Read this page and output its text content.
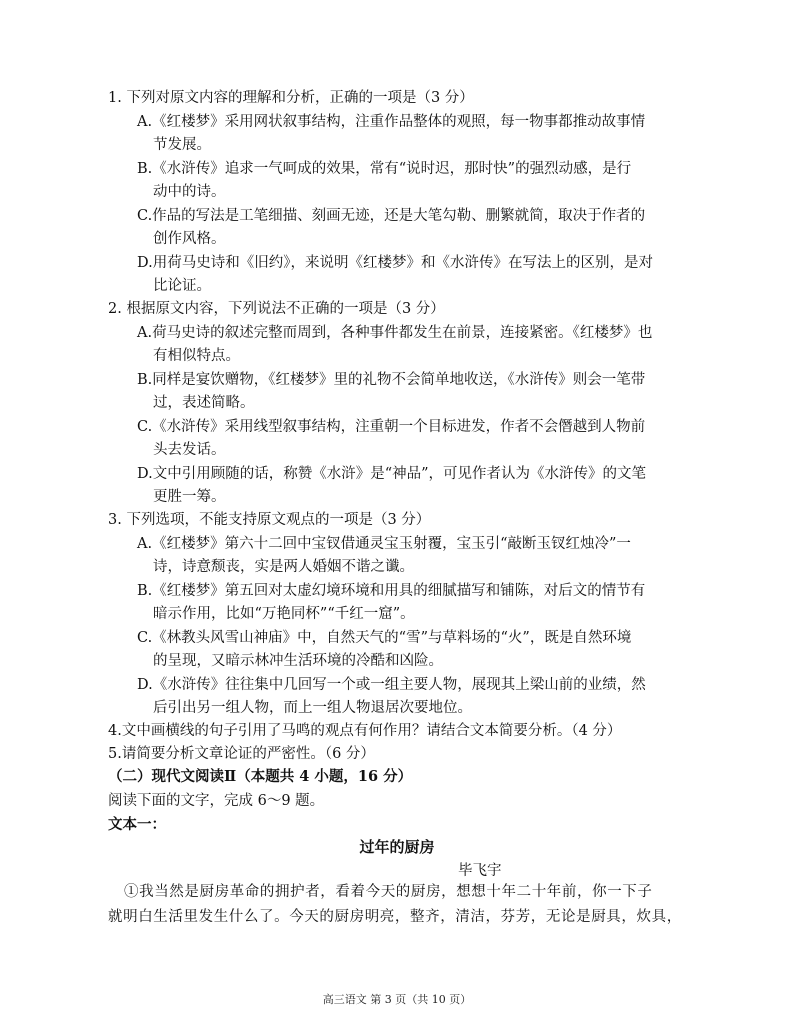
1. 下列对原文内容的理解和分析，正确的一项是（3 分）
A.《红楼梦》采用网状叙事结构，注重作品整体的观照，每一物事都推动故事情
节发展。
B.《水浒传》追求一气呵成的效果，常有“说时迟，那时快”的强烈动感，是行
动中的诗。
C.作品的写法是工笔细描、刻画无迹，还是大笔勾勒、删繁就简，取决于作者的
创作风格。
D.用荷马史诗和《旧约》，来说明《红楼梦》和《水浒传》在写法上的区别，是对
比论证。
2. 根据原文内容，下列说法不正确的一项是（3 分）
A.荷马史诗的叙述完整而周到，各种事件都发生在前景，连接紧密。《红楼梦》也
有相似特点。
B.同样是宴饮赠物，《红楼梦》里的礼物不会简单地收送，《水浒传》则会一笔带
过，表述简略。
C.《水浒传》采用线型叙事结构，注重朝一个目标进发，作者不会僭越到人物前
头去发话。
D.文中引用顾随的话，称赞《水浒》是“神品”，可见作者认为《水浒传》的文笔
更胜一筹。
3. 下列选项，不能支持原文观点的一项是（3 分）
A.《红楼梦》第六十二回中宝钗借通灵宝玉射覆，宝玉引“敲断玉钗红烛冷”一
诗，诗意颓丧，实是两人婚姻不谐之谶。
B.《红楼梦》第五回对太虚幻境环境和用具的细腻描写和铺陈，对后文的情节有
暗示作用，比如“万艳同杯”“千红一窟”。
C.《林教头风雪山神庙》中，自然天气的“雪”与草料场的“火”，既是自然环境
的呈现，又暗示林冲生活环境的冷酷和凶险。
D.《水浒传》往往集中几回写一个或一组主要人物，展现其上梁山前的业绩，然
后引出另一组人物，而上一组人物退居次要地位。
4.文中画横线的句子引用了马鸣的观点有何作用？请结合文本简要分析。（4 分）
5.请简要分析文章论证的严密性。（6 分）
（二）现代文阅读Ⅱ（本题共 4 小题，16 分）
阅读下面的文字，完成 6～9 题。
文本一：
过年的厨房
毕飞宇
①我当然是厨房革命的拥护者，看着今天的厨房，想想十年二十年前，你一下子
就明白生活里发生什么了。今天的厨房明亮，整齐，清洁，芬芳，无论是厨具，炊具，
高三语文 第 3 页（共 10 页）
